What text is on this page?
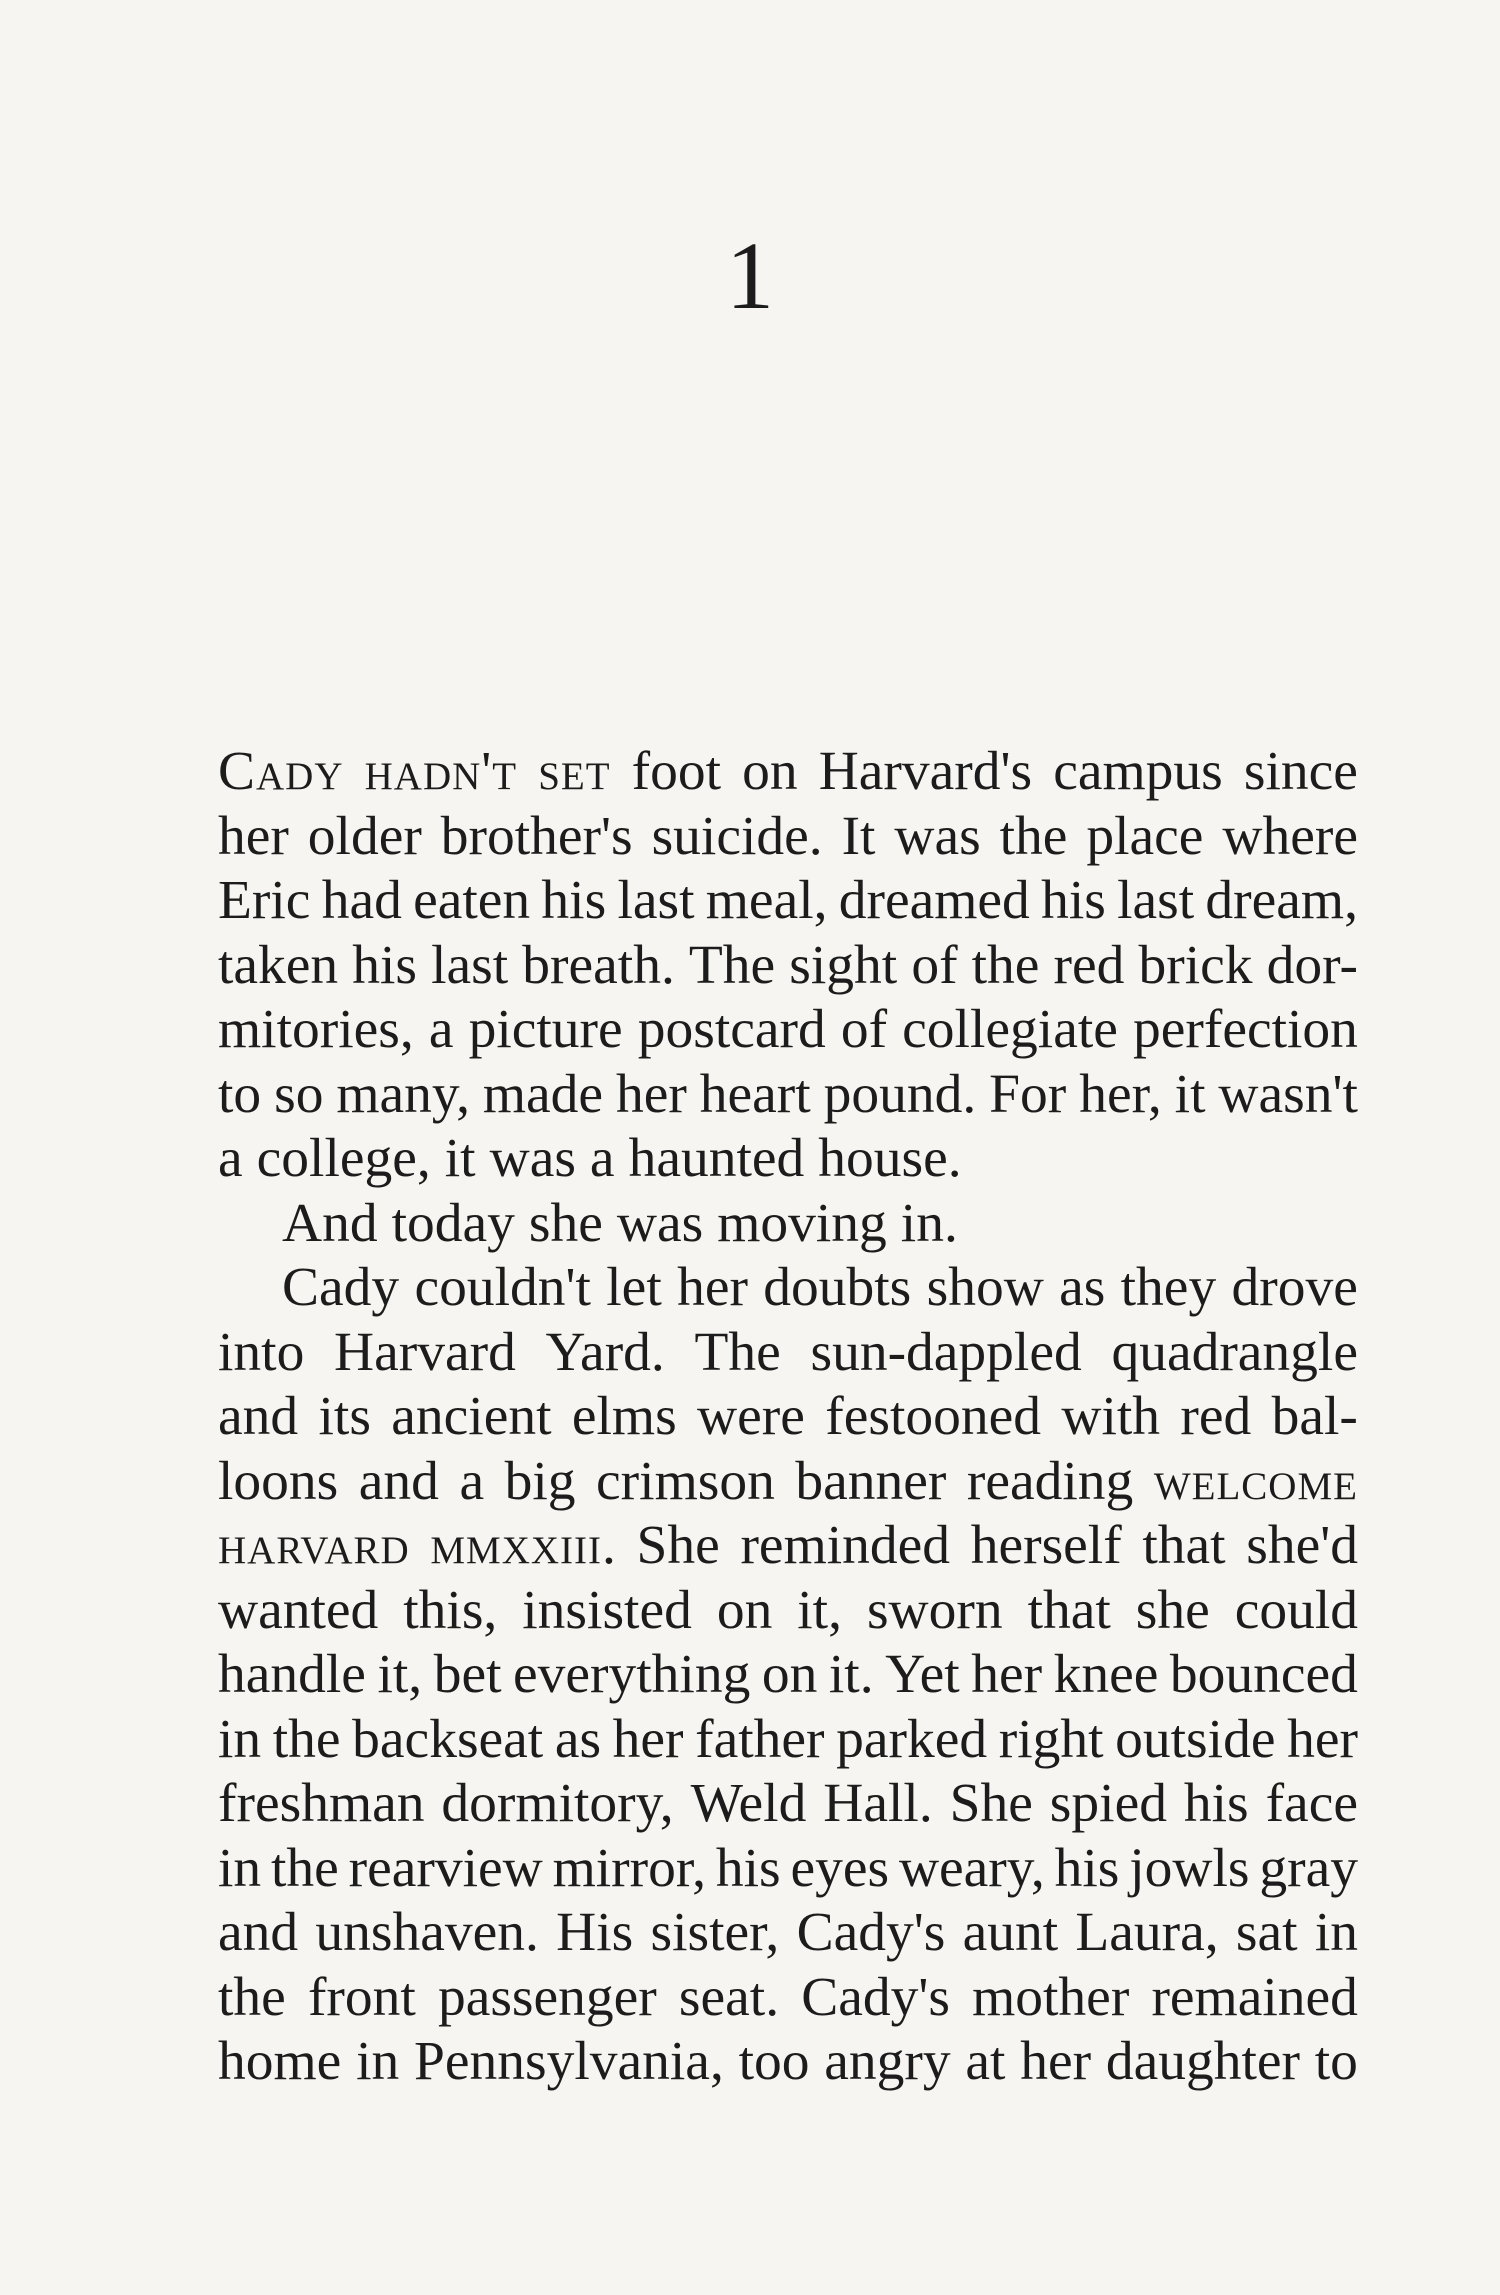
1
Cady hadn't set foot on Harvard's campus since
her older brother's suicide. It was the place where
Eric had eaten his last meal, dreamed his last dream,
taken his last breath. The sight of the red brick dor-
mitories, a picture postcard of collegiate perfection
to so many, made her heart pound. For her, it wasn't
a college, it was a haunted house.
And today she was moving in.
Cady couldn't let her doubts show as they drove
into Harvard Yard. The sun-dappled quadrangle
and its ancient elms were festooned with red bal-
loons and a big crimson banner reading welcome
harvard mmxxiii. She reminded herself that she'd
wanted this, insisted on it, sworn that she could
handle it, bet everything on it. Yet her knee bounced
in the backseat as her father parked right outside her
freshman dormitory, Weld Hall. She spied his face
in the rearview mirror, his eyes weary, his jowls gray
and unshaven. His sister, Cady's aunt Laura, sat in
the front passenger seat. Cady's mother remained
home in Pennsylvania, too angry at her daughter to
